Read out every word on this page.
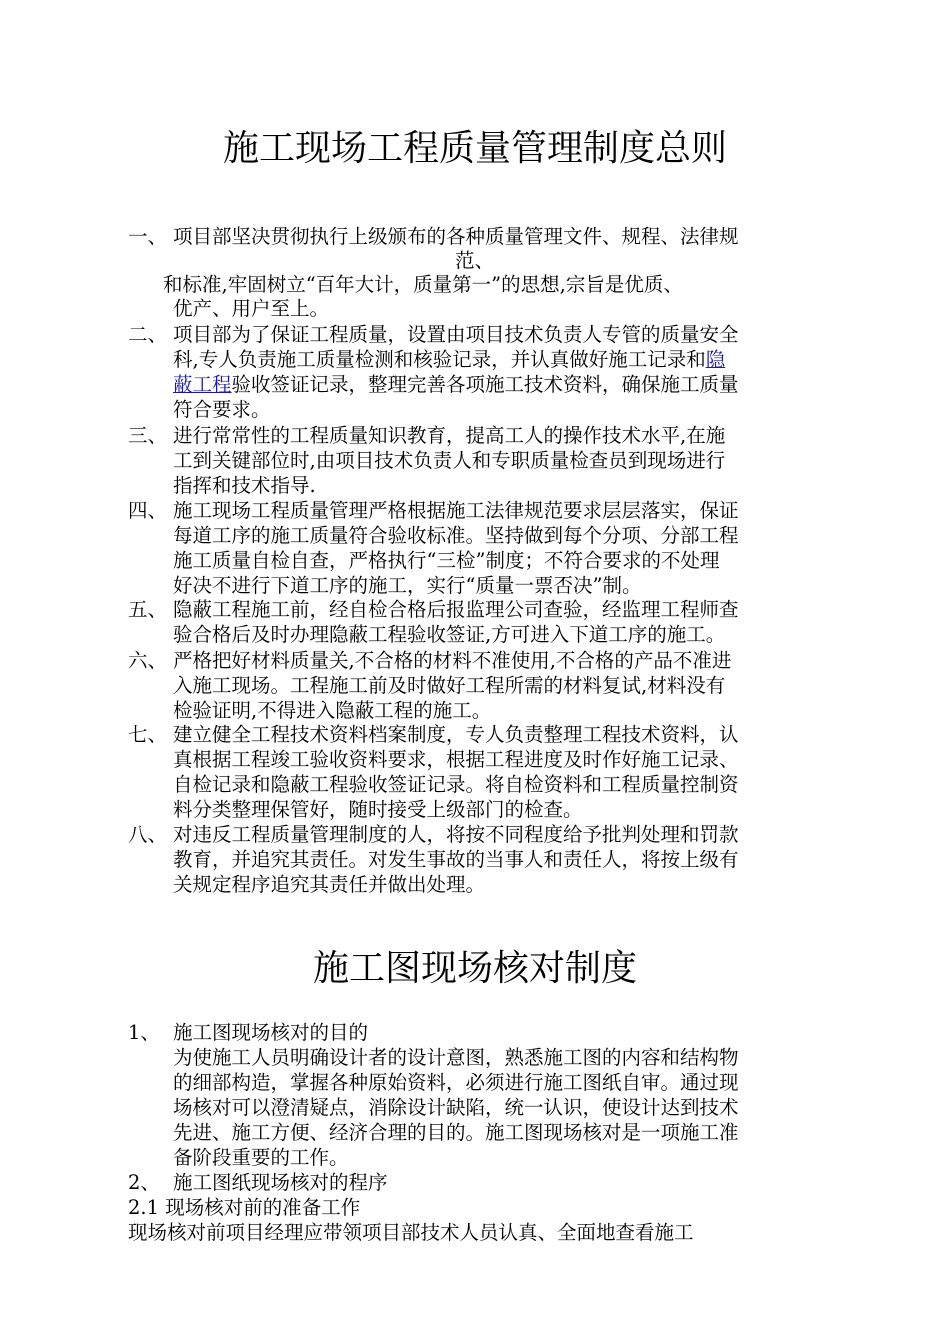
施工现场工程质量管理制度总则
一、 项目部坚决贯彻执行上级颁布的各种质量管理文件、规程、法律规
范、
和标准,牢固树立“百年大计，质量第一”的思想,宗旨是优质、
优产、用户至上。
二、 项目部为了保证工程质量，设置由项目技术负责人专管的质量安全
科,专人负责施工质量检测和核验记录，并认真做好施工记录和隐
蔽工程验收签证记录，整理完善各项施工技术资料，确保施工质量
符合要求。
三、 进行常常性的工程质量知识教育，提高工人的操作技术水平,在施
工到关键部位时,由项目技术负责人和专职质量检查员到现场进行
指挥和技术指导.
四、 施工现场工程质量管理严格根据施工法律规范要求层层落实，保证
每道工序的施工质量符合验收标准。坚持做到每个分项、分部工程
施工质量自检自查，严格执行“三检”制度；不符合要求的不处理
好决不进行下道工序的施工，实行“质量一票否决”制。
五、 隐蔽工程施工前，经自检合格后报监理公司查验，经监理工程师查
验合格后及时办理隐蔽工程验收签证,方可进入下道工序的施工。
六、 严格把好材料质量关,不合格的材料不准使用,不合格的产品不准进
入施工现场。工程施工前及时做好工程所需的材料复试,材料没有
检验证明,不得进入隐蔽工程的施工。
七、 建立健全工程技术资料档案制度，专人负责整理工程技术资料，认
真根据工程竣工验收资料要求，根据工程进度及时作好施工记录、
自检记录和隐蔽工程验收签证记录。将自检资料和工程质量控制资
料分类整理保管好，随时接受上级部门的检查。
八、 对违反工程质量管理制度的人，将按不同程度给予批判处理和罚款
教育，并追究其责任。对发生事故的当事人和责任人，将按上级有
关规定程序追究其责任并做出处理。
施工图现场核对制度
1、 施工图现场核对的目的
为使施工人员明确设计者的设计意图，熟悉施工图的内容和结构物
的细部构造，掌握各种原始资料，必须进行施工图纸自审。通过现
场核对可以澄清疑点，消除设计缺陷，统一认识，使设计达到技术
先进、施工方便、经济合理的目的。施工图现场核对是一项施工准
备阶段重要的工作。
2、 施工图纸现场核对的程序
2.1 现场核对前的准备工作
现场核对前项目经理应带领项目部技术人员认真、全面地查看施工
